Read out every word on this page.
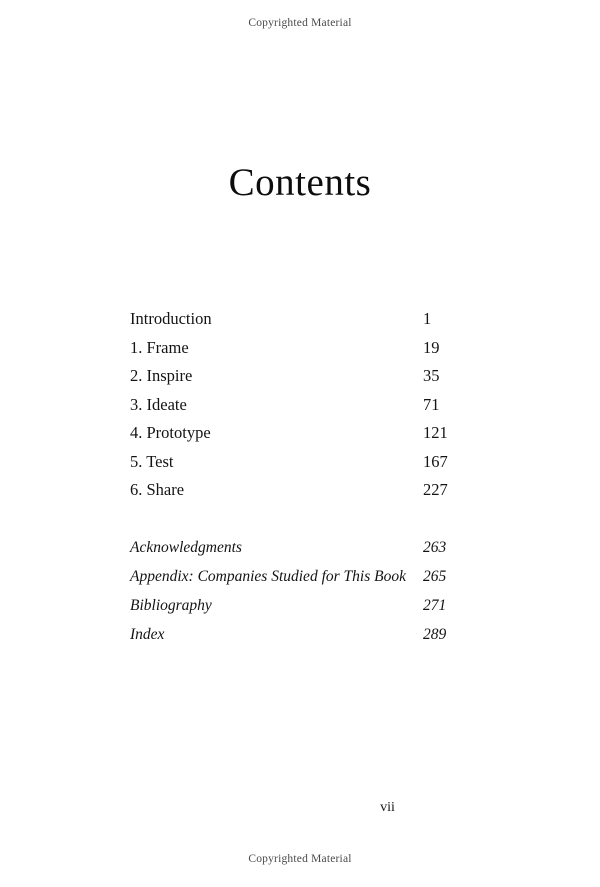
Copyrighted Material
Contents
Introduction	1
1. Frame	19
2. Inspire	35
3. Ideate	71
4. Prototype	121
5. Test	167
6. Share	227
Acknowledgments	263
Appendix: Companies Studied for This Book 265
Bibliography	271
Index	289
vii
Copyrighted Material
